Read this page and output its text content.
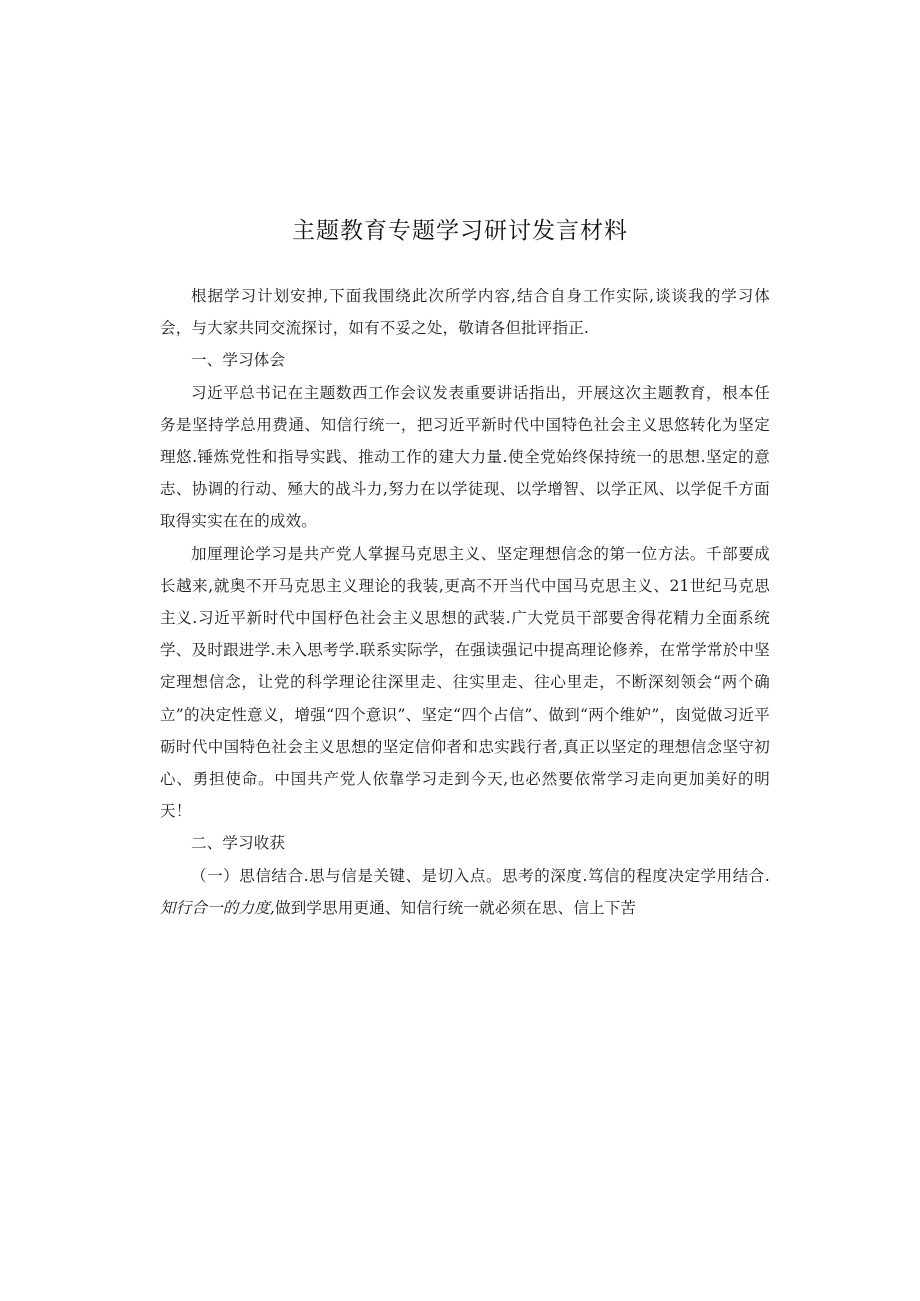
主题教育专题学习研讨发言材料

根据学习计划安抻,下面我围绕此次所学内容,结合自身工作实际,谈谈我的学习体会，与大家共同交流探讨，如有不妥之处，敬请各但批评指正.

一、学习体会

习近平总书记在主题数西工作会议发表重要讲话指出，开展这次主题教育，根本任务是坚持学总用费通、知信行统一，把习近平新时代中国特色社会主义思悠转化为坚定理悠.锤炼党性和指导实践、推动工作的建大力量.使全党始终保持统一的思想.坚定的意志、协调的行动、殛大的战斗力,努力在以学徒现、以学增智、以学正风、以学促千方面取得实实在在的成效。

加厘理论学习是共产党人掌握马克思主义、坚定理想信念的第一位方法。千部要成长越来,就奥不开马克思主义理论的我装,更高不开当代中国马克思主义、21世纪马克思主义.习近平新时代中国杼色社会主义思想的武装.广大党员干部要舍得花精力全面系统学、及时跟进学.未入思考学.联系实际学，在强读强记中提高理论修养，在常学常於中坚定理想信念，让党的科学理论往深里走、往实里走、往心里走，不断深刻领会“两个确立”的决定性意义，增强“四个意识”、坚定“四个占信”、做到“两个维妒”，囱觉做习近平砺时代中国特色社会主义思想的坚定信仰者和忠实践行者,真正以坚定的理想信念坚守初心、勇担使命。中国共产党人依靠学习走到今天,也必然要依常学习走向更加美好的明天！

二、学习收获

（一）思信结合.思与信是关键、是切入点。思考的深度.笃信的程度决定学用结合.知行合一的力度,做到学思用更通、知信行统一就必须在思、信上下苦
